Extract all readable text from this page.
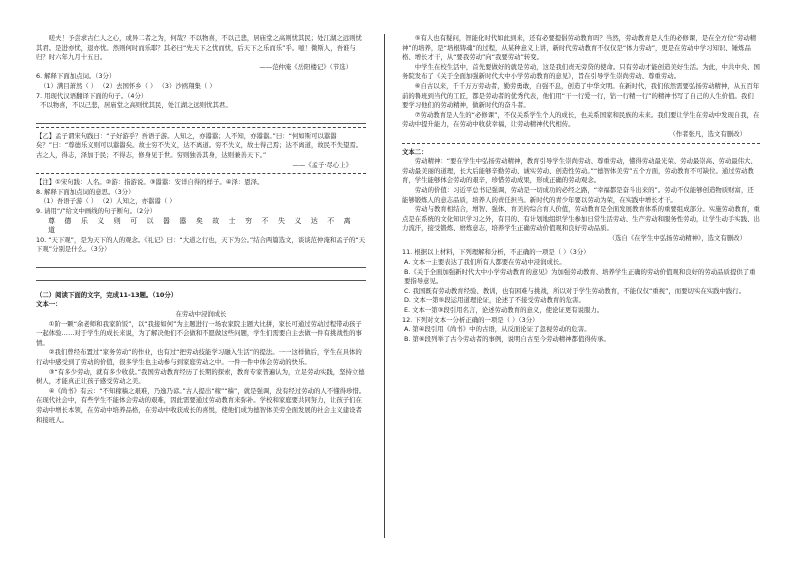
嗟夫！予尝求古仁人之心，或异二者之为，何哉？不以物喜，不以己悲，居庙堂之高则忧其民；处江湖之远则忧其君。是进亦忧，退亦忧。然则何时而乐耶？其必曰“先天下之忧而忧，后天下之乐而乐”乎。噫！微斯人，吾谁与归？时六年九月十五日。

——范仲淹《岳阳楼记》（节选）

6. 解释下面加点词。（3分）

（1）满目萧然（ ） （2）去国怀乡（ ） （3）沙鸥翔集（ ）

7. 用现代汉语翻译下面的句子。（4分）

不以物喜，不以己悲，居庙堂之高则忧其民，处江湖之远则忧其君。

【乙】孟子谓宋句践曰：“子好游乎？吾语子游。人知之，亦嚣嚣；人不知，亦嚣嚣。”曰：“何如斯可以嚣嚣矣？”曰：“尊德乐义则可以嚣嚣矣。故士穷不失义，达不离道。穷不失义，故士得己焉；达不离道，故民不失望焉。古之人，得志，泽加于民；不得志，修身见于世。穷则独善其身，达则兼善天下。”

——《孟子·尽心上》

【注】①宋句践：人名。②游：指游说。③嚣嚣：安详自得的样子。④泽：恩泽。

8. 解释下面加点词的意思。（3分）

（1）吾语子游（ ） （2）人知之，亦嚣嚣（ ）

9. 请用“/”给文中画线的句子断句。（2分）

尊 德 乐 义 则 可 以 嚣 嚣 矣 故 士 穷 不 失 义 达 不 离 道

10. “天下观”，是为天下的人的观念。《礼记》曰：“大道之行也，天下为公。”结合两篇选文，谈谈范仲淹和孟子的“天下观”分别是什么。（3分）

（二）阅读下面的文字，完成11-13题。（10分）

文本一：

在劳动中浸润成长

①阶一颗“余老师和我家阶饭”，以“我接如何”为主题进行一场农家院主题大比拼，家长可通过劳动过程带动孩子一起体验……对于学生的成长来说，为了解决他们不会做和不愿做这些问题，学生们需要自主去做一件有挑战性的事情。

②我们曾经布置过“家务劳动”的作业，也有过“把劳动技能学习融入生活”的提法。一一这样做后，学生在具体的行动中感受到了劳动的价值，很多学生也主动参与到家庭劳动之中。一件一件中体会劳动的快乐。

③“有多少劳动，就有多少收获。”我国劳动教育经历了长期的探索，教育专家普遍认为，立足劳动实践，坚持立德树人，才能真正让孩子感受劳动之美。

④《尚书》有云：“不知稼穑之艰难，乃逸乃谚。”古人提出“稼”“穑”，就是强调，没有经过劳动的人不懂得珍惜。在现代社会中，有些学生不能体会劳动的艰难，因此需要通过劳动教育来弥补。学校和家庭要共同努力，让孩子们在劳动中增长本领，在劳动中培养品格，在劳动中收获成长的喜悦，使他们成为德智体美劳全面发展的社会主义建设者和接班人。

⑤有人也有疑问，智能化时代如此到来，还有必要提倡劳动教育吗？当然，劳动教育是人生的必修课，是在全方位“劳动精神”的培养，是“培根铸魂”的过程，从某种意义上讲，新时代劳动教育不仅仅是“体力劳动”，更是在劳动中学习知识、锤炼品格、增长才干，从“要我劳动”向“我要劳动”转变。

中学生在校生活中，首先要做好的就是劳动，这是我们责无旁贷的使命。只有劳动才能创造美好生活。为此，中共中央、国务院发布了《关于全面加强新时代大中小学劳动教育的意见》，旨在引导学生崇尚劳动、尊重劳动。

⑥自古以来，千千万万劳动者，勤劳勇敢，自强不息，创造了中华文明。在新时代，我们依然需要弘扬劳动精神，从五百年前的鲁班到当代的工匠，都是劳动者的优秀代表，他们用“干一行爱一行，钻一行精一行”的精神书写了自己的人生价值。我们要学习他们的劳动精神，做新时代的奋斗者。

⑦劳动教育是人生的“必修课”，不仅关系学生个人的成长，也关系国家和民族的未来。我们要让学生在劳动中发现自我，在劳动中提升能力，在劳动中收获幸福，让劳动精神代代相传。

（作者张凡，选文有删改）

文本二：

劳动精神：“要在学生中弘扬劳动精神，教育引导学生崇尚劳动、尊重劳动，懂得劳动最光荣、劳动最崇高、劳动最伟大、劳动最美丽的道理，长大后能够辛勤劳动、诚实劳动、创造性劳动。”“德智体美劳”五个方面，劳动教育不可缺位。通过劳动教育，学生能够体会劳动的艰辛，珍惜劳动成果，形成正确的劳动观念。

劳动的价值：习近平总书记强调，劳动是一切成功的必经之路，“幸福都是奋斗出来的”。劳动不仅能够创造物质财富，还能够锻炼人的意志品质，培养人的责任担当。新时代的青少年要以劳动为荣，在实践中增长才干。

劳动与教育相结合，增智、强体、育美的综合育人价值，劳动教育是全面发展教育体系的重要组成部分。实施劳动教育，重点是在系统的文化知识学习之外，有目的、有计划地组织学生参加日常生活劳动、生产劳动和服务性劳动，让学生动手实践、出力流汗，接受锻炼、磨炼意志，培养学生正确劳动价值观和良好劳动品质。

（选自《在学生中弘扬劳动精神》，选文有删改）

11. 根据以上材料，下列理解和分析，不正确的一项是（ ）（3分）

A. 文本一主要表达了我们所有人都要在劳动中浸润成长。

B.《关于全面加强新时代大中小学劳动教育的意见》为加强劳动教育、培养学生正确的劳动价值观和良好的劳动品质提供了重要指导意见。

C. 我国既有劳动教育经验、教训，也有困难与挑战，所以对于学生劳动教育，不能仅仅“重视”，而要切实在实践中践行。

D. 文本一第⑤段运用道理论证，论述了不接受劳动教育的危害。

E. 文本一第③段引用名言，论述劳动教育的意义，使论证更有说服力。

12. 下列对文本一分析正确的一项是（ ）（3分）

A. 第④段引用《尚书》中的古语，从反面论证了忽视劳动的危害。

B. 第⑥段列举了古今劳动者的事例，说明自古至今劳动精神都值得传承。
